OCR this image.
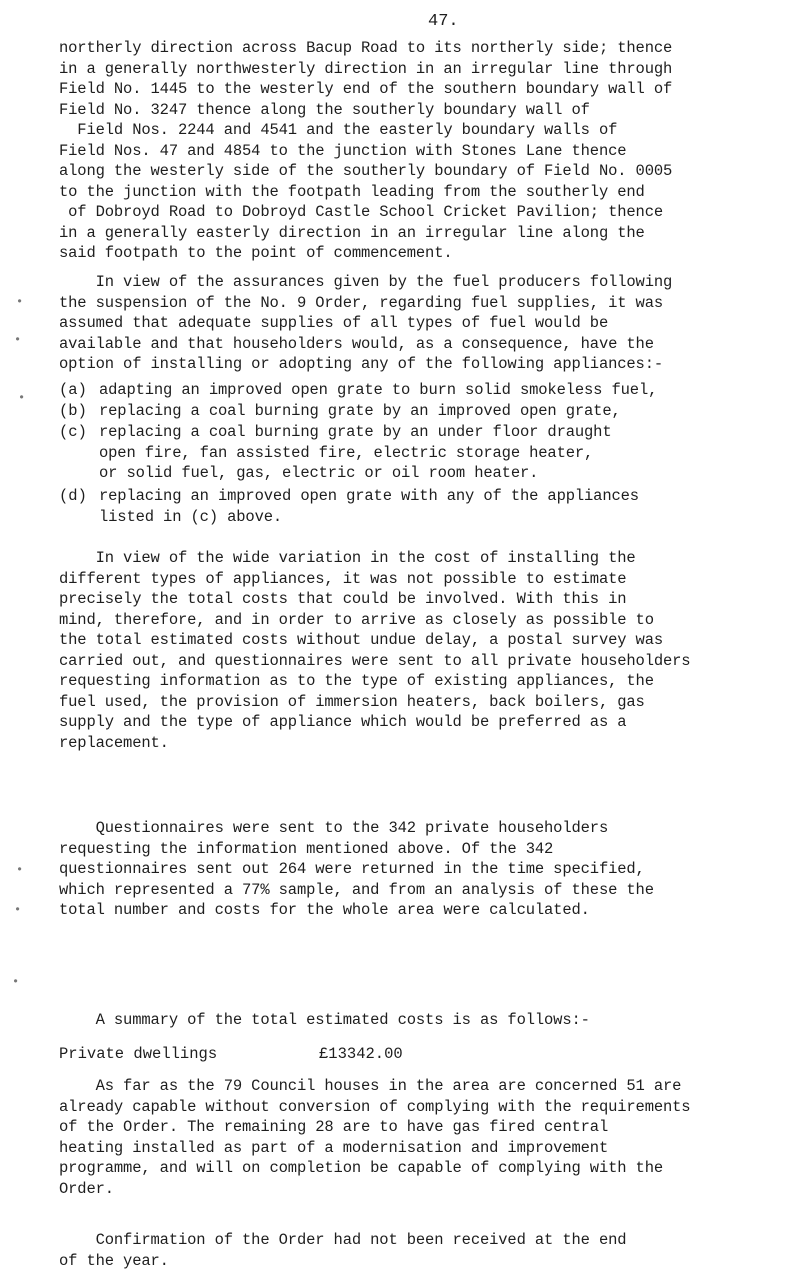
47.
northerly direction across Bacup Road to its northerly side; thence
in a generally northwesterly direction in an irregular line through
Field No. 1445 to the westerly end of the southern boundary wall of
Field No. 3247 thence along the southerly boundary wall of
Field Nos. 2244 and 4541 and the easterly boundary walls of
Field Nos. 47 and 4854 to the junction with Stones Lane thence
along the westerly side of the southerly boundary of Field No. 0005
to the junction with the footpath leading from the southerly end
of Dobroyd Road to Dobroyd Castle School Cricket Pavilion; thence
in a generally easterly direction in an irregular line along the
said footpath to the point of commencement.
In view of the assurances given by the fuel producers following
the suspension of the No. 9 Order, regarding fuel supplies, it was
assumed that adequate supplies of all types of fuel would be
available and that householders would, as a consequence, have the
option of installing or adopting any of the following appliances:-
(a) adapting an improved open grate to burn solid smokeless fuel,
(b) replacing a coal burning grate by an improved open grate,
(c) replacing a coal burning grate by an under floor draught
open fire, fan assisted fire, electric storage heater,
or solid fuel, gas, electric or oil room heater.
(d) replacing an improved open grate with any of the appliances
listed in (c) above.
In view of the wide variation in the cost of installing the
different types of appliances, it was not possible to estimate
precisely the total costs that could be involved. With this in
mind, therefore, and in order to arrive as closely as possible to
the total estimated costs without undue delay, a postal survey was
carried out, and questionnaires were sent to all private householders
requesting information as to the type of existing appliances, the
fuel used, the provision of immersion heaters, back boilers, gas
supply and the type of appliance which would be preferred as a
replacement.
Questionnaires were sent to the 342 private householders
requesting the information mentioned above. Of the 342
questionnaires sent out 264 were returned in the time specified,
which represented a 77% sample, and from an analysis of these the
total number and costs for the whole area were calculated.
A summary of the total estimated costs is as follows:-
Private dwellings	£13342.00
As far as the 79 Council houses in the area are concerned 51 are
already capable without conversion of complying with the requirements
of the Order. The remaining 28 are to have gas fired central
heating installed as part of a modernisation and improvement
programme, and will on completion be capable of complying with the
Order.
Confirmation of the Order had not been received at the end
of the year.
•
•
•
•
•
•
